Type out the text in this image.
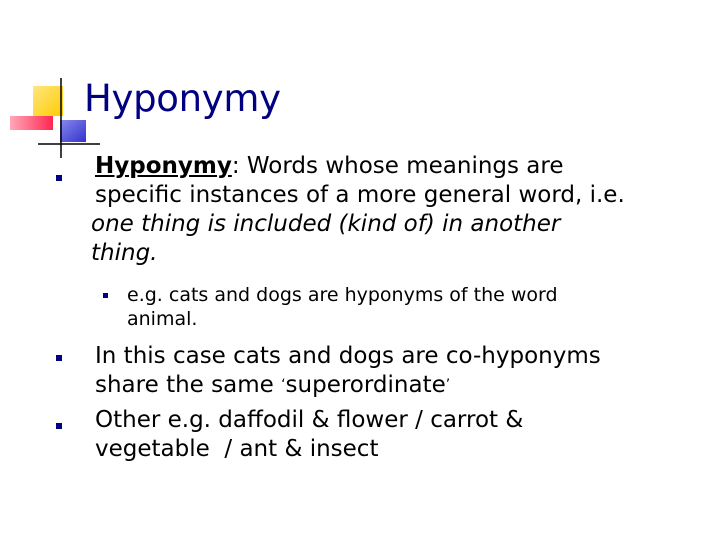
Hyponymy

Hyponymy: Words whose meanings are
specific instances of a more general word, i.e.
one thing is included (kind of) in another
thing.

e.g. cats and dogs are hyponyms of the word
animal.

In this case cats and dogs are co-hyponyms
share the same ‘superordinate’

Other e.g. daffodil & flower / carrot &
vegetable  / ant & insect
